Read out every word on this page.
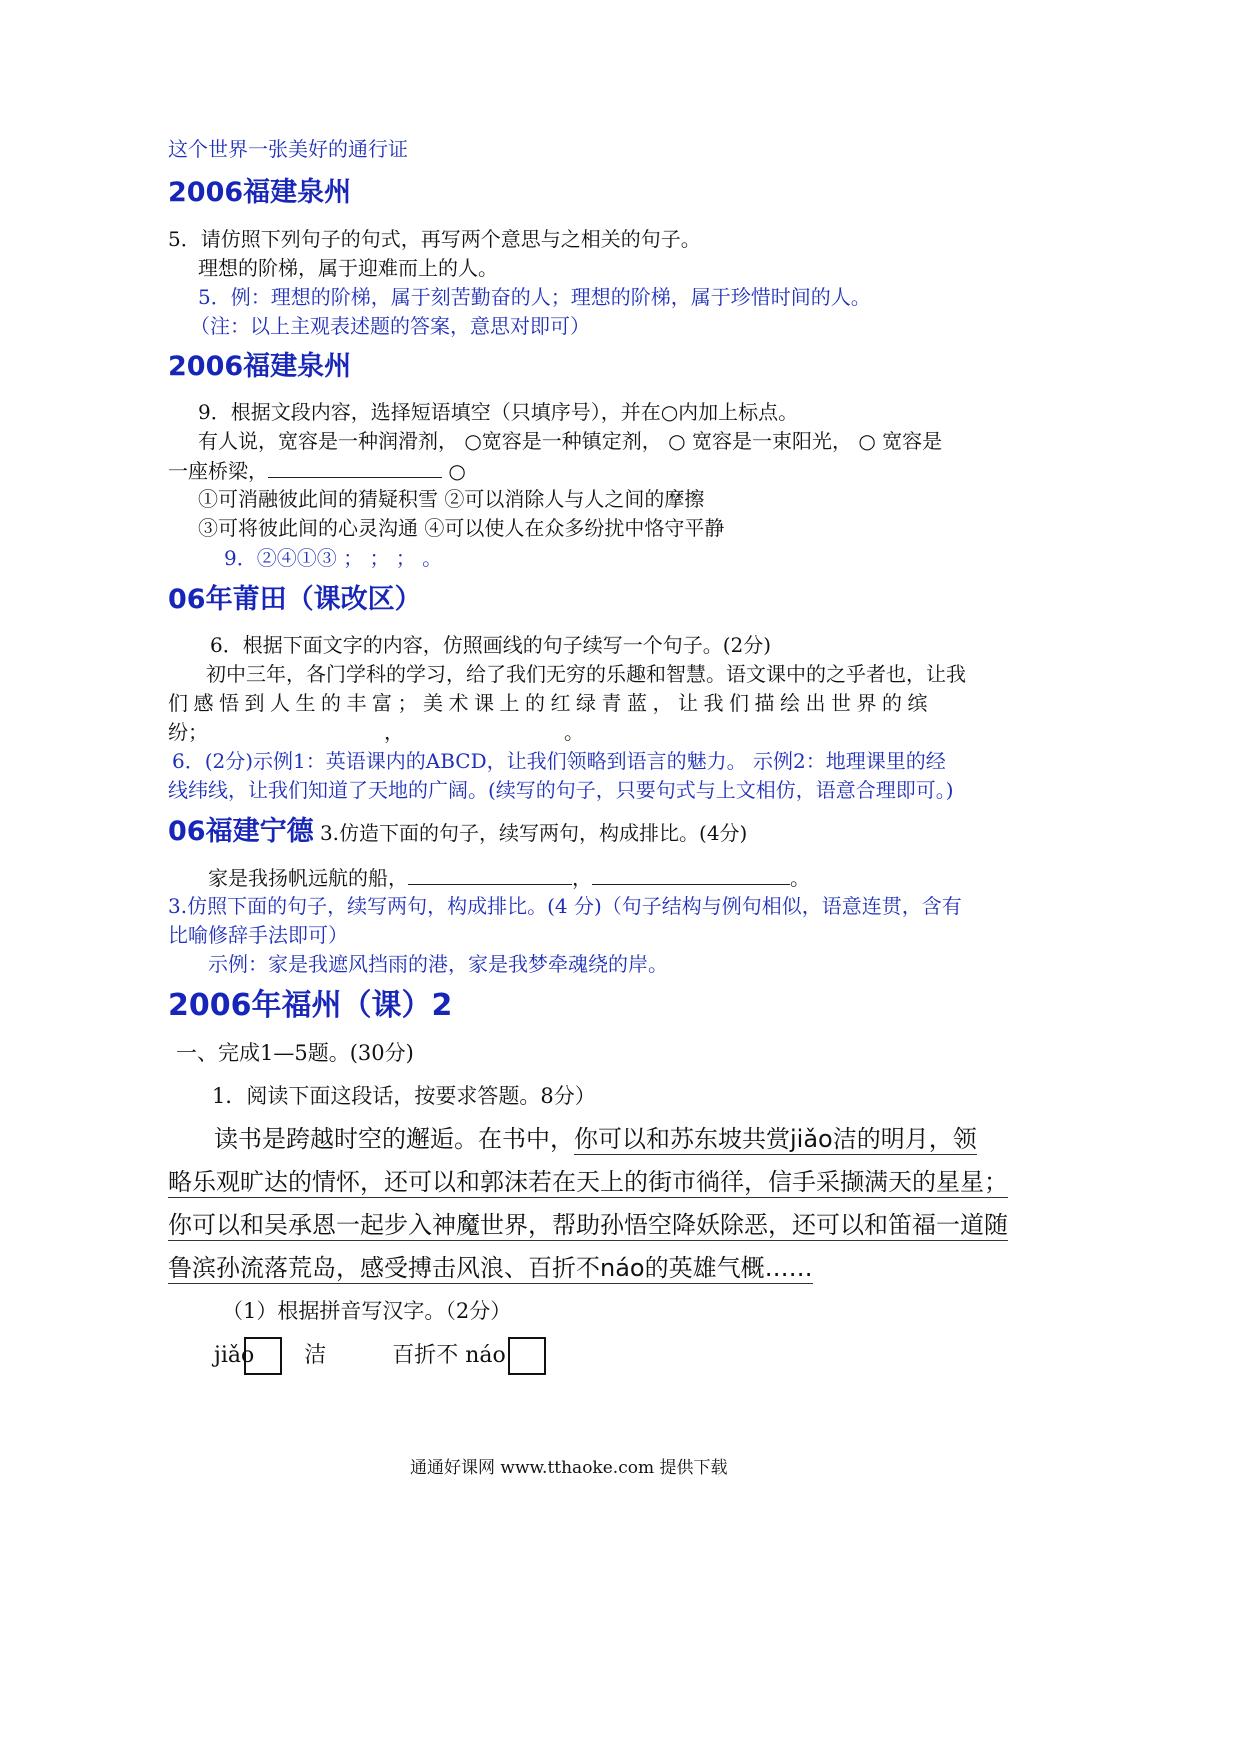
这个世界一张美好的通行证
2006福建泉州
5．请仿照下列句子的句式，再写两个意思与之相关的句子。
理想的阶梯，属于迎难而上的人。
5．例：理想的阶梯，属于刻苦勤奋的人；理想的阶梯，属于珍惜时间的人。
（注：以上主观表述题的答案，意思对即可）
2006福建泉州
9．根据文段内容，选择短语填空（只填序号），并在○内加上标点。
有人说，宽容是一种润滑剂， ○宽容是一种镇定剂， ○ 宽容是一束阳光， ○ 宽容是
一座桥梁，	○
①可消融彼此间的猜疑积雪 ②可以消除人与人之间的摩擦
③可将彼此间的心灵沟通 ④可以使人在众多纷扰中恪守平静
9．②④①③ ； ； ； 。
06年莆田（课改区）
6．根据下面文字的内容，仿照画线的句子续写一个句子。(2分)
初中三年，各门学科的学习，给了我们无穷的乐趣和智慧。语文课中的之乎者也，让我
们感悟到人生的丰富；美术课上的红绿青蓝，让我们描绘出世界的缤
纷；	，	。
6．(2分)示例1：英语课内的ABCD，让我们领略到语言的魅力。 示例2：地理课里的经
线纬线，让我们知道了天地的广阔。(续写的句子，只要句式与上文相仿，语意合理即可。)
06福建宁德 3.仿造下面的句子，续写两句，构成排比。(4分)
家是我扬帆远航的船，	，	。
3.仿照下面的句子，续写两句，构成排比。(4 分)（句子结构与例句相似，语意连贯，含有
比喻修辞手法即可）
示例：家是我遮风挡雨的港，家是我梦牵魂绕的岸。
2006年福州（课）2
一、完成1—5题。(30分)
1．阅读下面这段话，按要求答题。8分）
读书是跨越时空的邂逅。在书中，你可以和苏东坡共赏jiǎo洁的明月，领
略乐观旷达的情怀，还可以和郭沫若在天上的街市徜徉，信手采撷满天的星星；
你可以和吴承恩一起步入神魔世界，帮助孙悟空降妖除恶，还可以和笛福一道随
鲁滨孙流落荒岛，感受搏击风浪、百折不náo的英雄气概……
（1）根据拼音写汉字。（2分）
jiǎo 洁	百折不 náo
通通好课网 www.tthaoke.com 提供下载
